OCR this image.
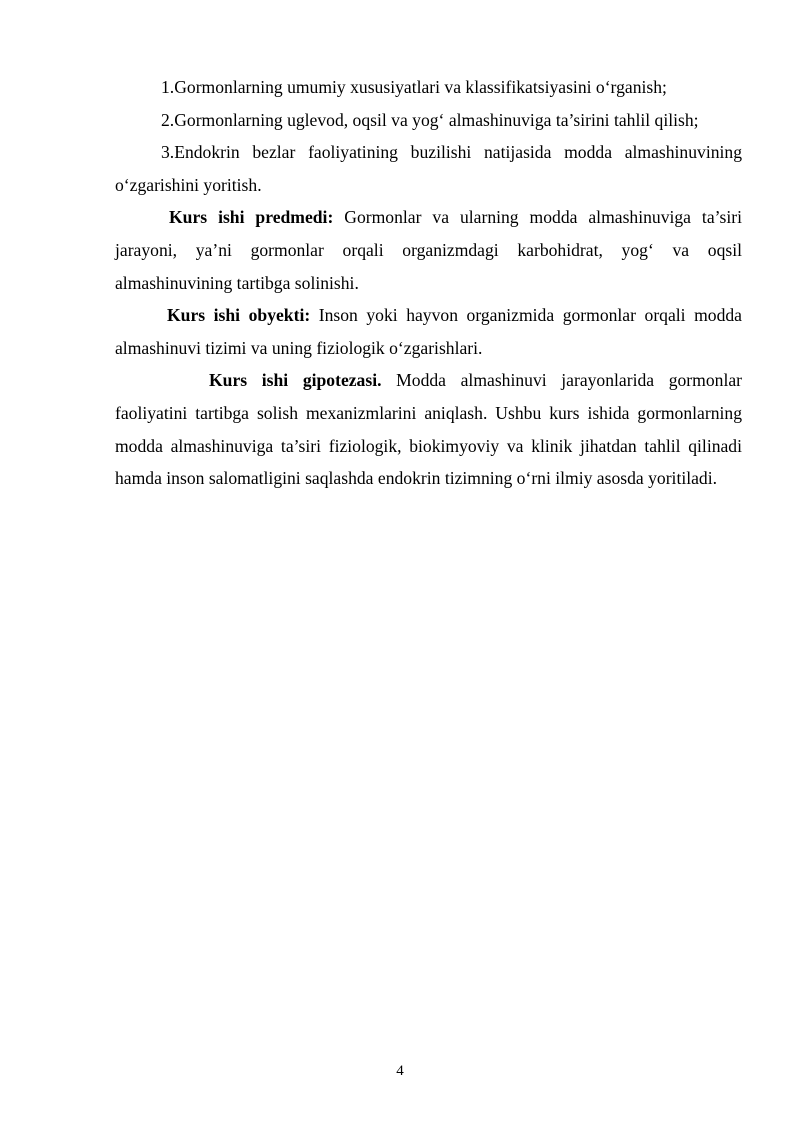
1.Gormonlarning umumiy xususiyatlari va klassifikatsiyasini o‘rganish;

2.Gormonlarning uglevod, oqsil va yog‘ almashinuviga ta’sirini tahlil qilish;

3.Endokrin bezlar faoliyatining buzilishi natijasida modda almashinuvining o‘zgarishini yoritish.

Kurs ishi predmedi: Gormonlar va ularning modda almashinuviga ta’siri jarayoni, ya’ni gormonlar orqali organizmdagi karbohidrat, yog‘ va oqsil almashinuvining tartibga solinishi.

Kurs ishi obyekti: Inson yoki hayvon organizmida gormonlar orqali modda almashinuvi tizimi va uning fiziologik o‘zgarishlari.

Kurs ishi gipotezasi. Modda almashinuvi jarayonlarida gormonlar faoliyatini tartibga solish mexanizmlarini aniqlash. Ushbu kurs ishida gormonlarning modda almashinuviga ta’siri fiziologik, biokimyoviy va klinik jihatdan tahlil qilinadi hamda inson salomatligini saqlashda endokrin tizimning o‘rni ilmiy asosda yoritiladi.

4
